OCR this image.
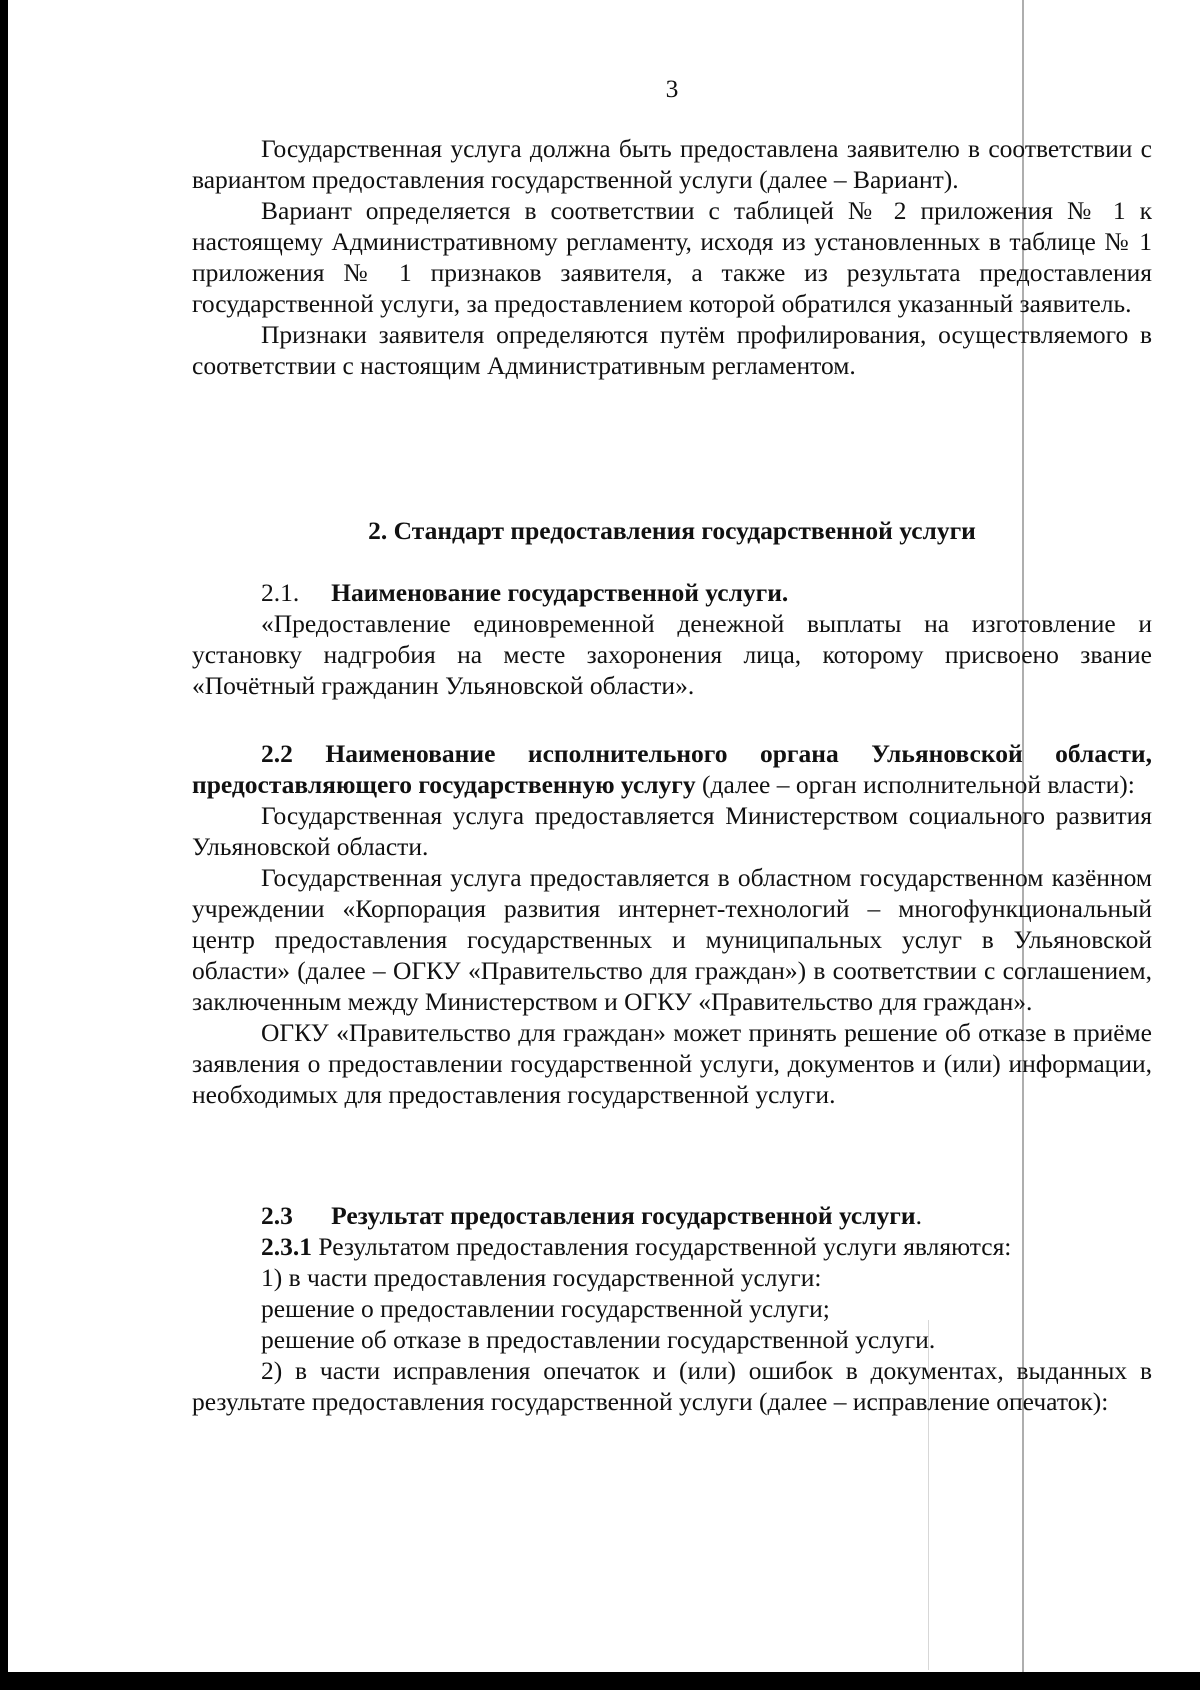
3

Государственная услуга должна быть предоставлена заявителю в соответствии с вариантом предоставления государственной услуги (далее – Вариант).

Вариант определяется в соответствии с таблицей № 2 приложения № 1 к настоящему Административному регламенту, исходя из установленных в таблице № 1 приложения № 1 признаков заявителя, а также из результата предоставления государственной услуги, за предоставлением которой обратился указанный заявитель.

Признаки заявителя определяются путём профилирования, осуществляемого в соответствии с настоящим Административным регламентом.

2. Стандарт предоставления государственной услуги

2.1. Наименование государственной услуги.

«Предоставление единовременной денежной выплаты на изготовление и установку надгробия на месте захоронения лица, которому присвоено звание «Почётный гражданин Ульяновской области».

2.2 Наименование исполнительного органа Ульяновской области, предоставляющего государственную услугу (далее – орган исполнительной власти):

Государственная услуга предоставляется Министерством социального развития Ульяновской области.

Государственная услуга предоставляется в областном государственном казённом учреждении «Корпорация развития интернет-технологий – многофункциональный центр предоставления государственных и муниципальных услуг в Ульяновской области» (далее – ОГКУ «Правительство для граждан») в соответствии с соглашением, заключенным между Министерством и ОГКУ «Правительство для граждан».

ОГКУ «Правительство для граждан» может принять решение об отказе в приёме заявления о предоставлении государственной услуги, документов и (или) информации, необходимых для предоставления государственной услуги.

2.3 Результат предоставления государственной услуги.

2.3.1 Результатом предоставления государственной услуги являются:

1) в части предоставления государственной услуги:

решение о предоставлении государственной услуги;

решение об отказе в предоставлении государственной услуги.

2) в части исправления опечаток и (или) ошибок в документах, выданных в результате предоставления государственной услуги (далее – исправление опечаток):
